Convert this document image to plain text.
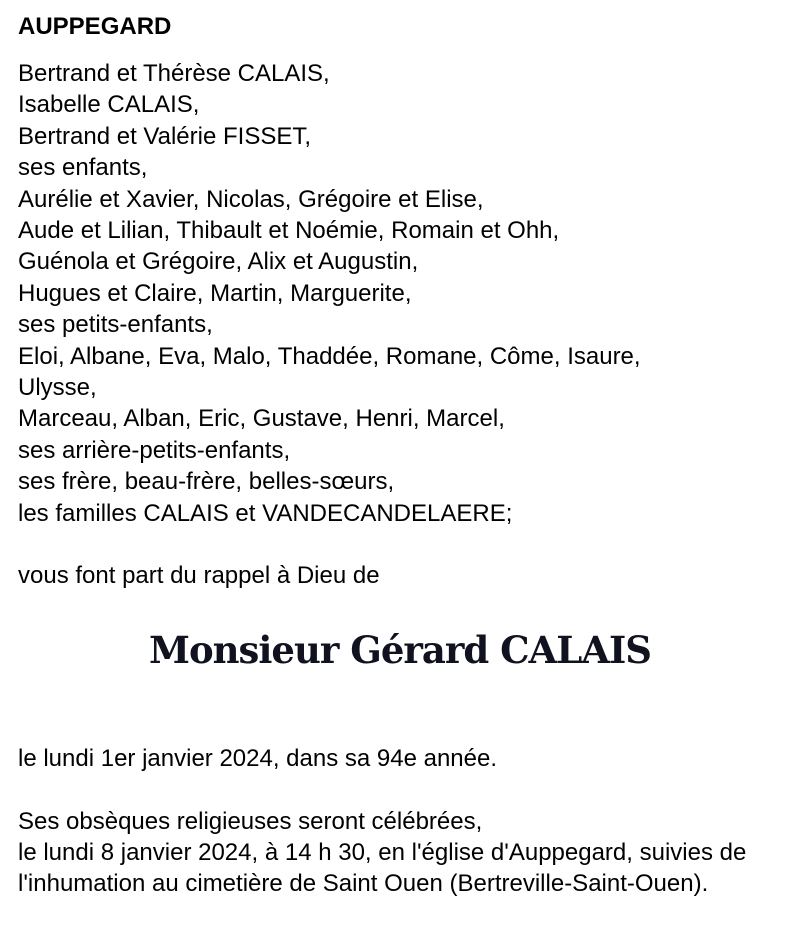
AUPPEGARD
Bertrand et Thérèse CALAIS,
Isabelle CALAIS,
Bertrand et Valérie FISSET,
ses enfants,
Aurélie et Xavier, Nicolas, Grégoire et Elise,
Aude et Lilian, Thibault et Noémie, Romain et Ohh,
Guénola et Grégoire, Alix et Augustin,
Hugues et Claire, Martin, Marguerite,
ses petits-enfants,
Eloi, Albane, Eva, Malo, Thaddée, Romane, Côme, Isaure,
Ulysse,
Marceau, Alban, Eric, Gustave, Henri, Marcel,
ses arrière-petits-enfants,
ses frère, beau-frère, belles-sœurs,
les familles CALAIS et VANDECANDELAERE;
vous font part du rappel à Dieu de
Monsieur Gérard CALAIS
le lundi 1er janvier 2024, dans sa 94e année.
Ses obsèques religieuses seront célébrées,
le lundi 8 janvier 2024, à 14 h 30, en l'église d'Auppegard, suivies de l'inhumation au cimetière de Saint Ouen (Bertreville-Saint-Ouen).
